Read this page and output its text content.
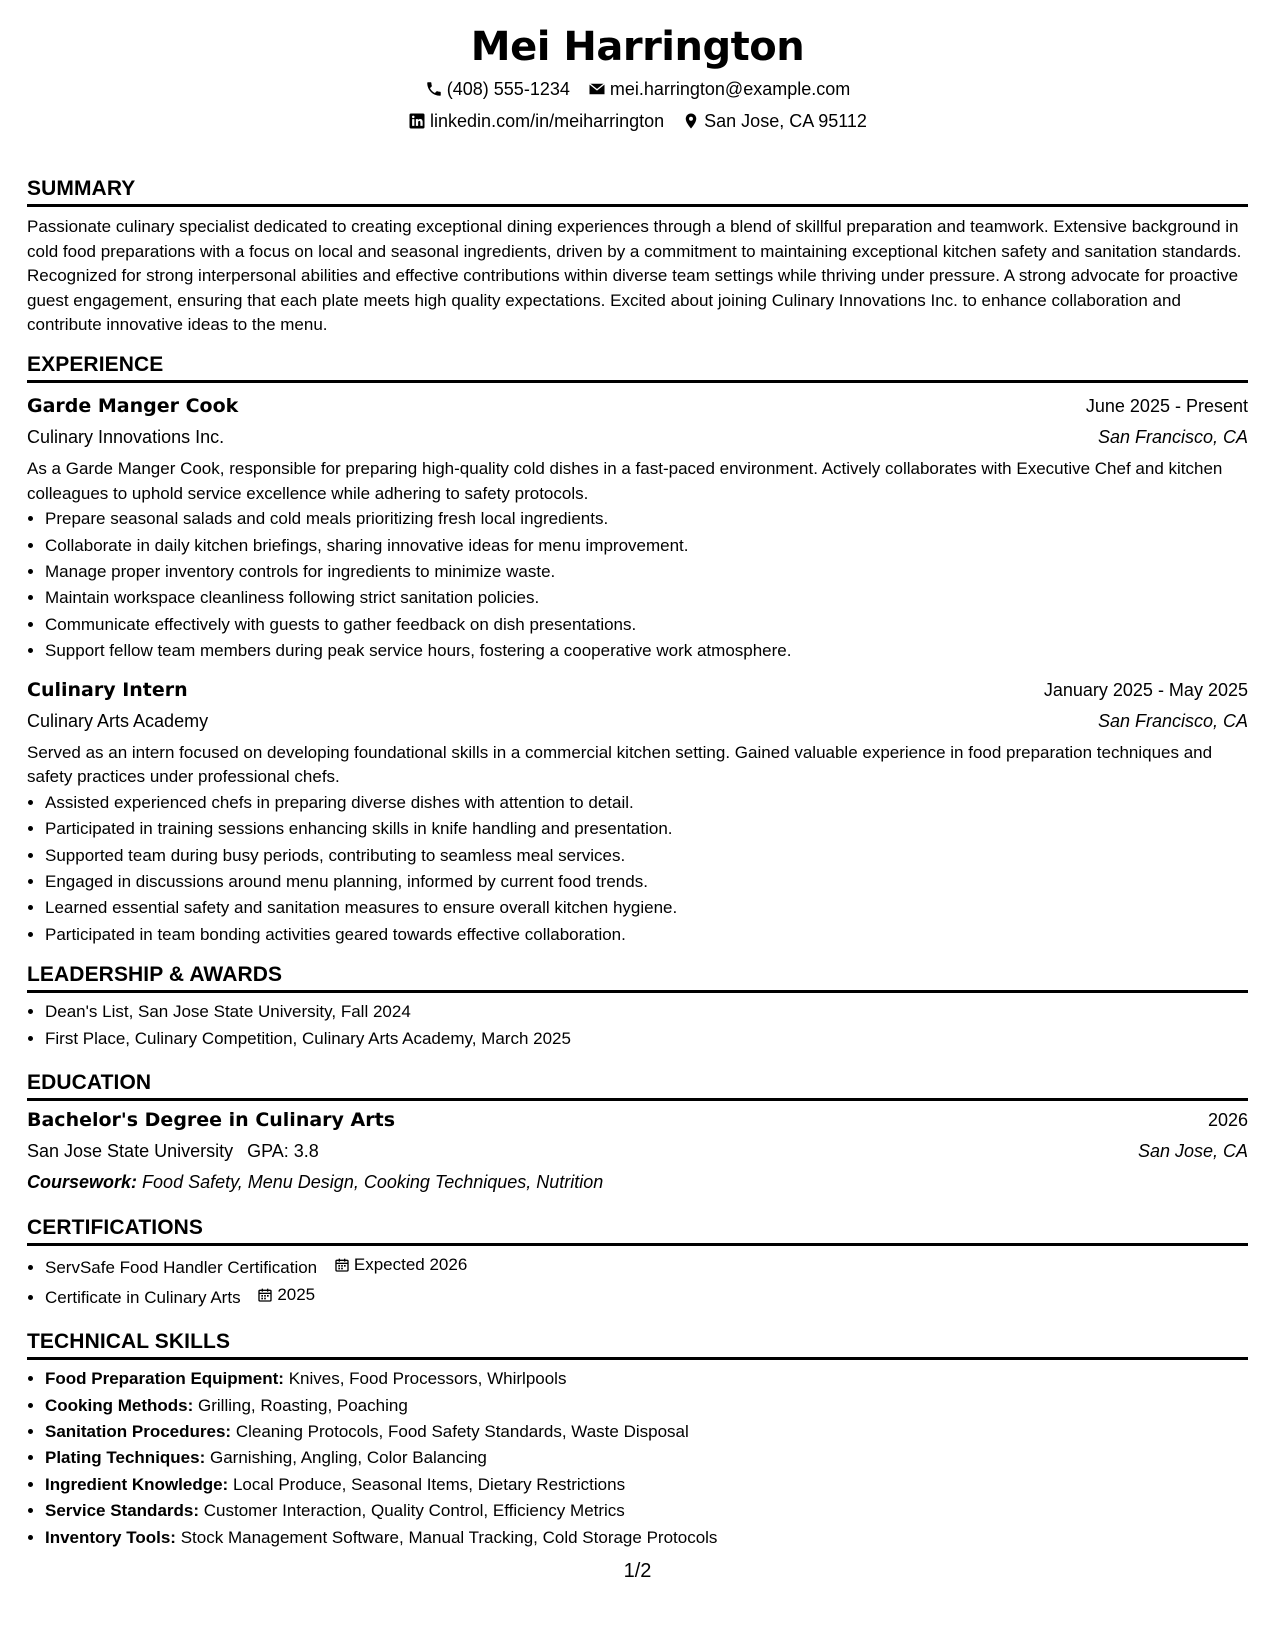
Mei Harrington
(408) 555-1234 mei.harrington@example.com
linkedin.com/in/meiharrington San Jose, CA 95112
SUMMARY
Passionate culinary specialist dedicated to creating exceptional dining experiences through a blend of skillful preparation and teamwork. Extensive background in cold food preparations with a focus on local and seasonal ingredients, driven by a commitment to maintaining exceptional kitchen safety and sanitation standards. Recognized for strong interpersonal abilities and effective contributions within diverse team settings while thriving under pressure. A strong advocate for proactive guest engagement, ensuring that each plate meets high quality expectations. Excited about joining Culinary Innovations Inc. to enhance collaboration and contribute innovative ideas to the menu.
EXPERIENCE
Garde Manger Cook	June 2025 - Present
Culinary Innovations Inc.	San Francisco, CA
As a Garde Manger Cook, responsible for preparing high-quality cold dishes in a fast-paced environment. Actively collaborates with Executive Chef and kitchen colleagues to uphold service excellence while adhering to safety protocols.
• Prepare seasonal salads and cold meals prioritizing fresh local ingredients.
• Collaborate in daily kitchen briefings, sharing innovative ideas for menu improvement.
• Manage proper inventory controls for ingredients to minimize waste.
• Maintain workspace cleanliness following strict sanitation policies.
• Communicate effectively with guests to gather feedback on dish presentations.
• Support fellow team members during peak service hours, fostering a cooperative work atmosphere.
Culinary Intern	January 2025 - May 2025
Culinary Arts Academy	San Francisco, CA
Served as an intern focused on developing foundational skills in a commercial kitchen setting. Gained valuable experience in food preparation techniques and safety practices under professional chefs.
• Assisted experienced chefs in preparing diverse dishes with attention to detail.
• Participated in training sessions enhancing skills in knife handling and presentation.
• Supported team during busy periods, contributing to seamless meal services.
• Engaged in discussions around menu planning, informed by current food trends.
• Learned essential safety and sanitation measures to ensure overall kitchen hygiene.
• Participated in team bonding activities geared towards effective collaboration.
LEADERSHIP & AWARDS
• Dean's List, San Jose State University, Fall 2024
• First Place, Culinary Competition, Culinary Arts Academy, March 2025
EDUCATION
Bachelor's Degree in Culinary Arts	2026
San Jose State University GPA: 3.8	San Jose, CA
Coursework: Food Safety, Menu Design, Cooking Techniques, Nutrition
CERTIFICATIONS
• ServSafe Food Handler Certification Expected 2026
• Certificate in Culinary Arts 2025
TECHNICAL SKILLS
• Food Preparation Equipment: Knives, Food Processors, Whirlpools
• Cooking Methods: Grilling, Roasting, Poaching
• Sanitation Procedures: Cleaning Protocols, Food Safety Standards, Waste Disposal
• Plating Techniques: Garnishing, Angling, Color Balancing
• Ingredient Knowledge: Local Produce, Seasonal Items, Dietary Restrictions
• Service Standards: Customer Interaction, Quality Control, Efficiency Metrics
• Inventory Tools: Stock Management Software, Manual Tracking, Cold Storage Protocols
1/2
